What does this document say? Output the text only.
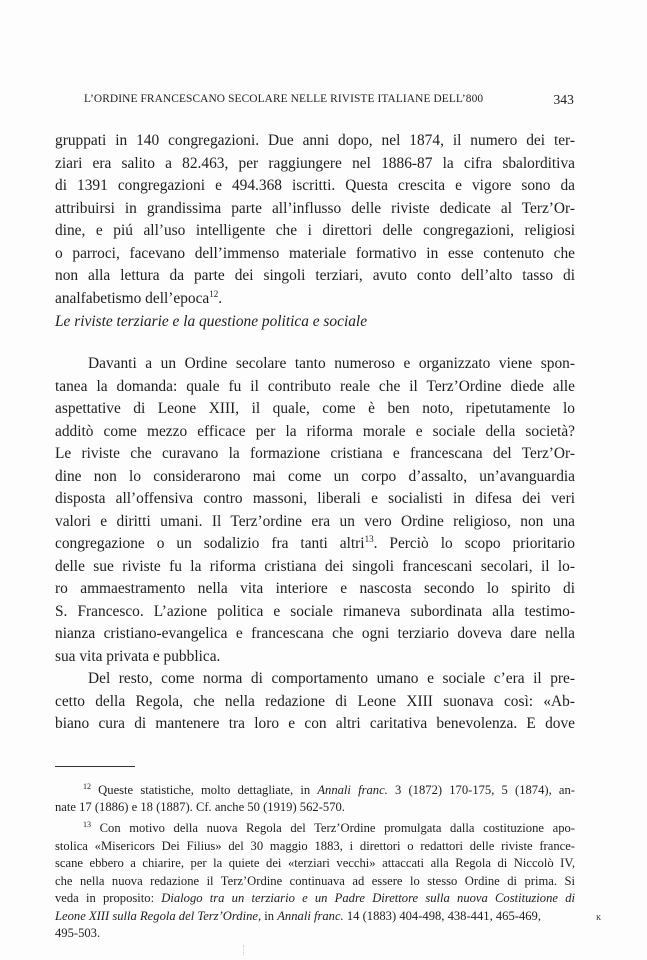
L’ORDINE FRANCESCANO SECOLARE NELLE RIVISTE ITALIANE DELL’800	343
gruppati in 140 congregazioni. Due anni dopo, nel 1874, il numero dei ter-
ziari era salito a 82.463, per raggiungere nel 1886-87 la cifra sbalorditiva
di 1391 congregazioni e 494.368 iscritti. Questa crescita e vigore sono da
attribuirsi in grandissima parte all’influsso delle riviste dedicate al Terz’Or-
dine, e piú all’uso intelligente che i direttori delle congregazioni, religiosi
o parroci, facevano dell’immenso materiale formativo in esse contenuto che
non alla lettura da parte dei singoli terziari, avuto conto dell’alto tasso di
analfabetismo dell’epoca$^{12}$.
Le riviste terziarie e la questione politica e sociale
Davanti a un Ordine secolare tanto numeroso e organizzato viene spon-
tanea la domanda: quale fu il contributo reale che il Terz’Ordine diede alle
aspettative di Leone XIII, il quale, come è ben noto, ripetutamente lo
additò come mezzo efficace per la riforma morale e sociale della società?
Le riviste che curavano la formazione cristiana e francescana del Terz’Or-
dine non lo considerarono mai come un corpo d’assalto, un’avanguardia
disposta all’offensiva contro massoni, liberali e socialisti in difesa dei veri
valori e diritti umani. Il Terz’ordine era un vero Ordine religioso, non una
congregazione o un sodalizio fra tanti altri$^{13}$. Perciò lo scopo prioritario
delle sue riviste fu la riforma cristiana dei singoli francescani secolari, il lo-
ro ammaestramento nella vita interiore e nascosta secondo lo spirito di
S. Francesco. L’azione politica e sociale rimaneva subordinata alla testimo-
nianza cristiano-evangelica e francescana che ogni terziario doveva dare nella
sua vita privata e pubblica.
Del resto, come norma di comportamento umano e sociale c’era il pre-
cetto della Regola, che nella redazione di Leone XIII suonava così: «Ab-
biano cura di mantenere tra loro e con altri caritativa benevolenza. E dove
$^{12}$ Queste statistiche, molto dettagliate, in Annali franc. 3 (1872) 170-175, 5 (1874), an-
nate 17 (1886) e 18 (1887). Cf. anche 50 (1919) 562-570.
$^{13}$ Con motivo della nuova Regola del Terz’Ordine promulgata dalla costituzione apo-
stolica «Misericors Dei Filius» del 30 maggio 1883, i direttori o redattori delle riviste france-
scane ebbero a chiarire, per la quiete dei «terziari vecchi» attaccati alla Regola di Niccolò IV,
che nella nuova redazione il Terz’Ordine continuava ad essere lo stesso Ordine di prima. Si
veda in proposito: Dialogo tra un terziario e un Padre Direttore sulla nuova Costituzione di
Leone XIII sulla Regola del Terz’Ordine, in Annali franc. 14 (1883) 404-498, 438-441, 465-469,
495-503.
ĸ
